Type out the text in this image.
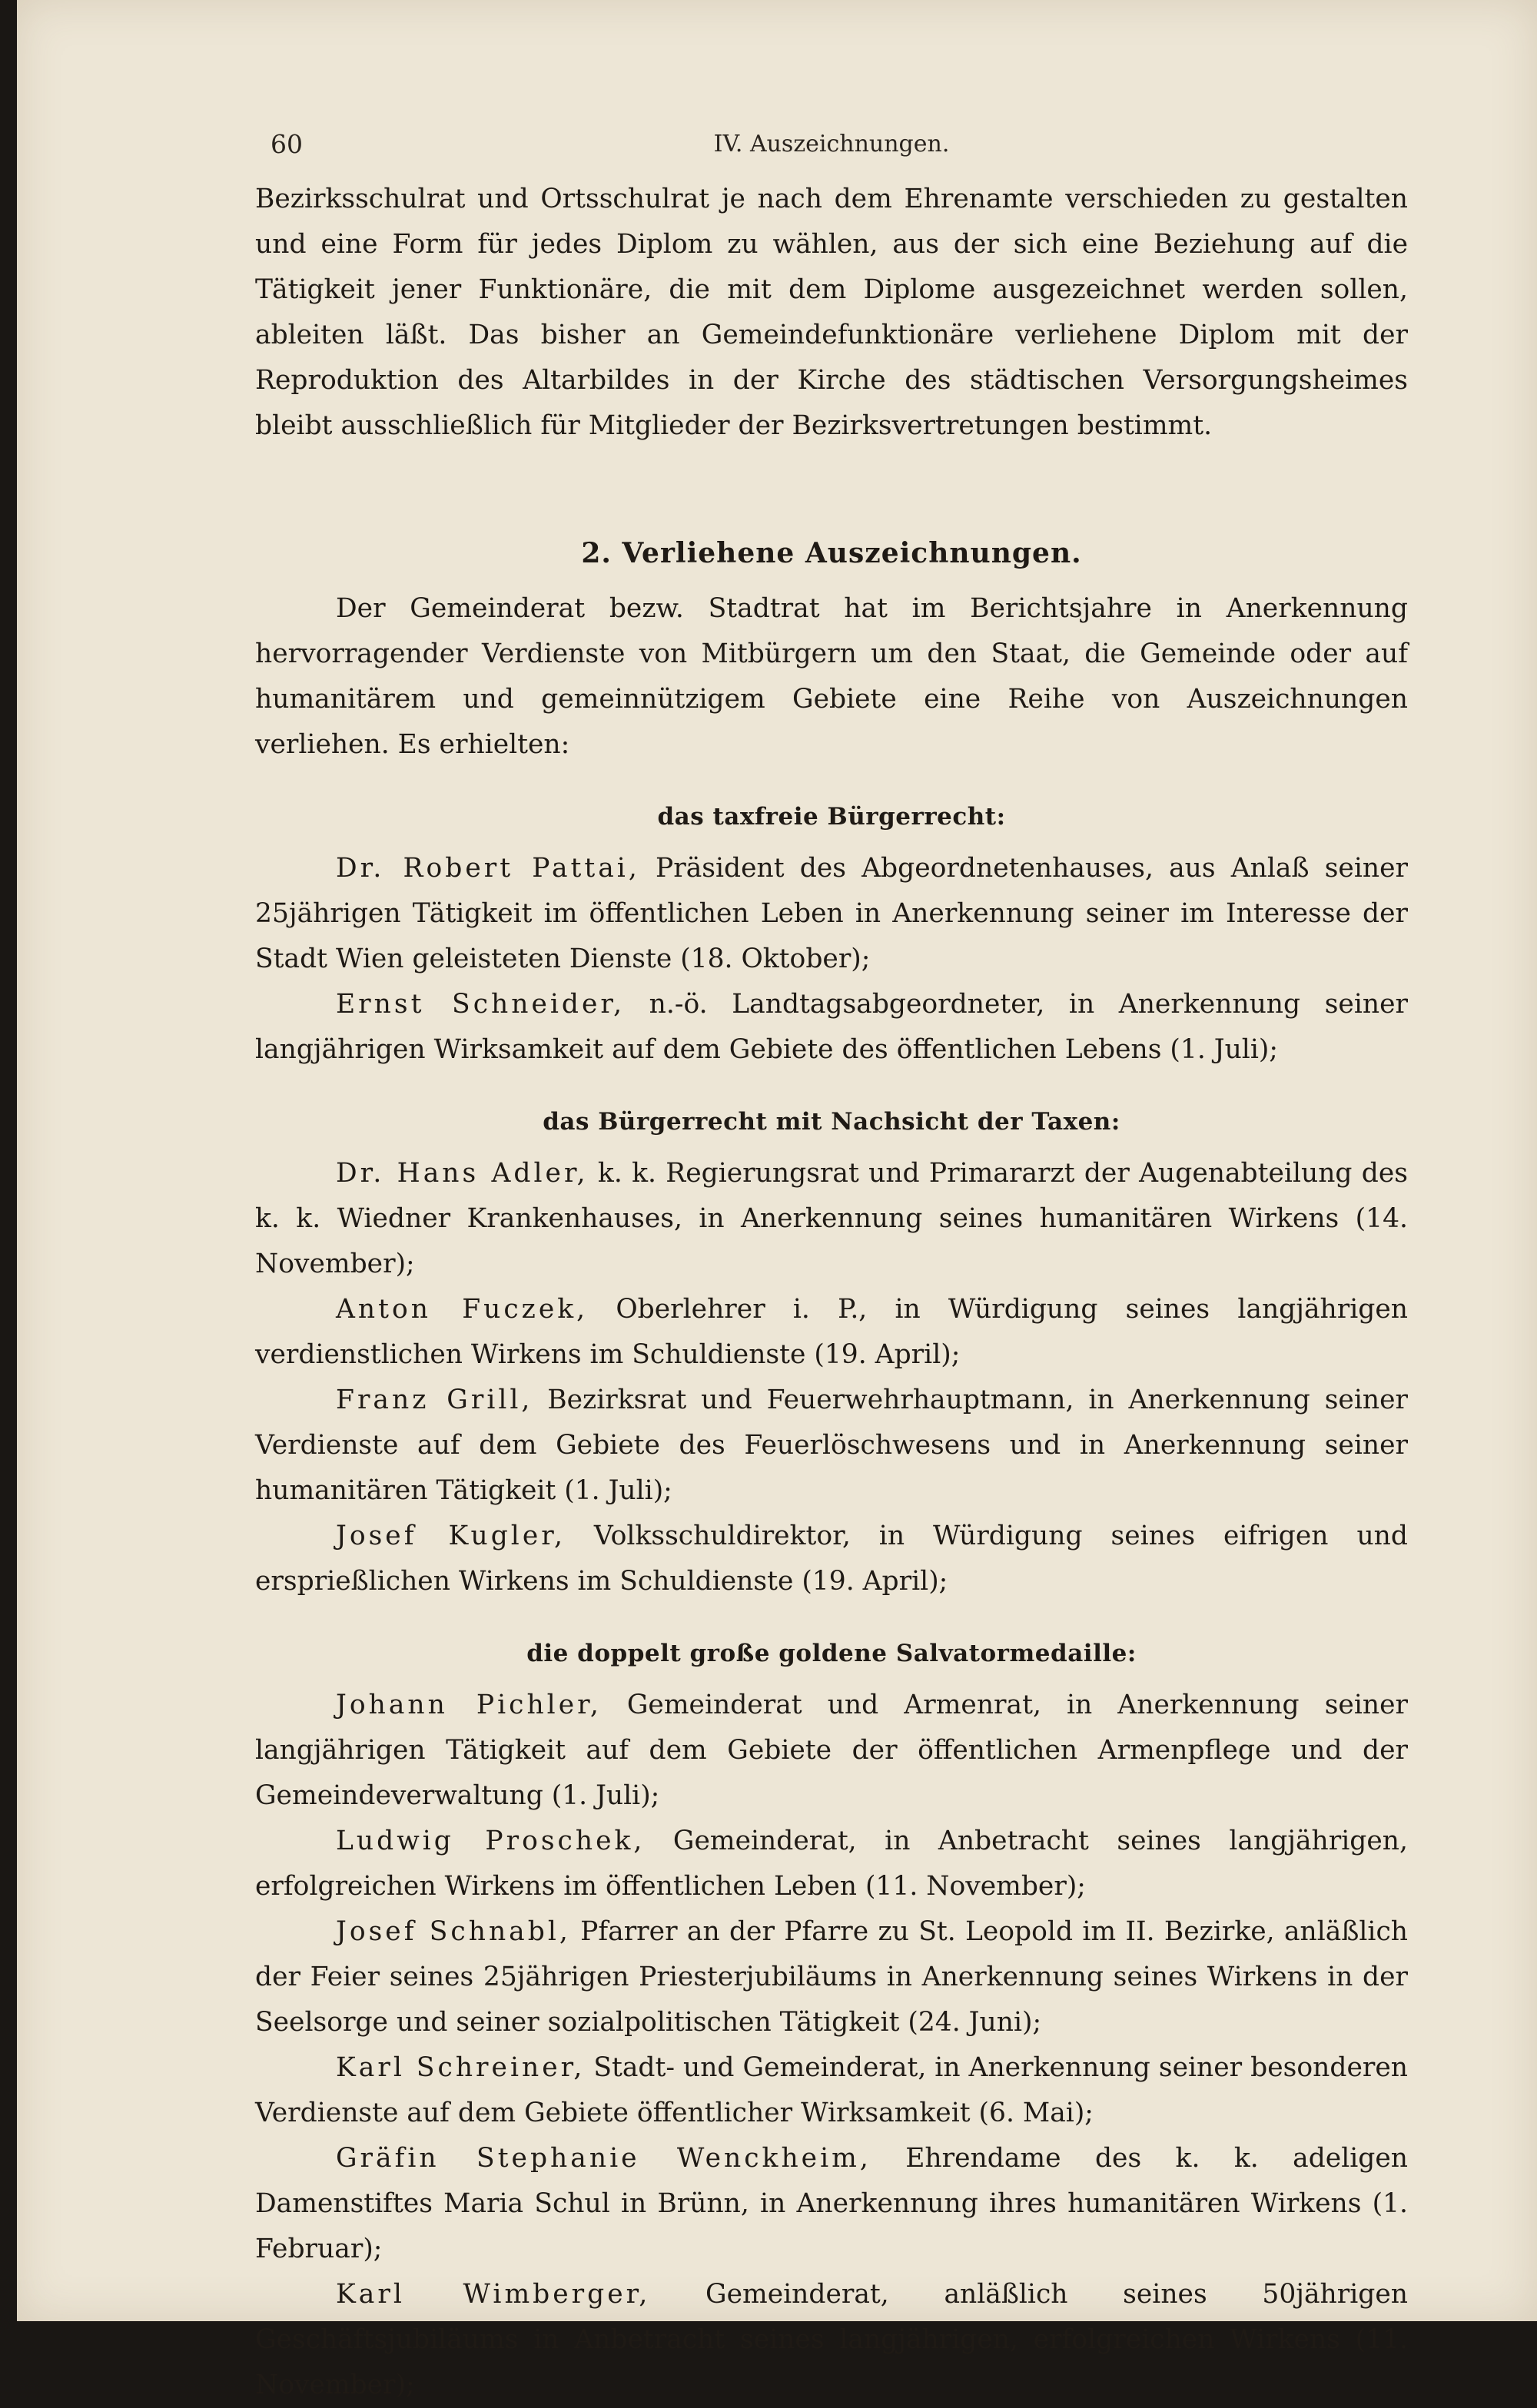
60	IV. Auszeichnungen.

Bezirksschulrat und Ortsschulrat je nach dem Ehrenamte verschieden zu gestalten und eine Form für jedes Diplom zu wählen, aus der sich eine Beziehung auf die Tätigkeit jener Funktionäre, die mit dem Diplome ausgezeichnet werden sollen, ableiten läßt. Das bisher an Gemeindefunktionäre verliehene Diplom mit der Reproduktion des Altarbildes in der Kirche des städtischen Versorgungsheimes bleibt ausschließlich für Mitglieder der Bezirksvertretungen bestimmt.

2. Verliehene Auszeichnungen.

Der Gemeinderat bezw. Stadtrat hat im Berichtsjahre in Anerkennung hervorragender Verdienste von Mitbürgern um den Staat, die Gemeinde oder auf humanitärem und gemeinnützigem Gebiete eine Reihe von Auszeichnungen verliehen. Es erhielten:

das taxfreie Bürgerrecht:

Dr. Robert Pattai, Präsident des Abgeordnetenhauses, aus Anlaß seiner 25jährigen Tätigkeit im öffentlichen Leben in Anerkennung seiner im Interesse der Stadt Wien geleisteten Dienste (18. Oktober);

Ernst Schneider, n.-ö. Landtagsabgeordneter, in Anerkennung seiner langjährigen Wirksamkeit auf dem Gebiete des öffentlichen Lebens (1. Juli);

das Bürgerrecht mit Nachsicht der Taxen:

Dr. Hans Adler, k. k. Regierungsrat und Primararzt der Augenabteilung des k. k. Wiedner Krankenhauses, in Anerkennung seines humanitären Wirkens (14. November);

Anton Fuczek, Oberlehrer i. P., in Würdigung seines langjährigen verdienstlichen Wirkens im Schuldienste (19. April);

Franz Grill, Bezirksrat und Feuerwehrhauptmann, in Anerkennung seiner Verdienste auf dem Gebiete des Feuerlöschwesens und in Anerkennung seiner humanitären Tätigkeit (1. Juli);

Josef Kugler, Volksschuldirektor, in Würdigung seines eifrigen und ersprießlichen Wirkens im Schuldienste (19. April);

die doppelt große goldene Salvatormedaille:

Johann Pichler, Gemeinderat und Armenrat, in Anerkennung seiner langjährigen Tätigkeit auf dem Gebiete der öffentlichen Armenpflege und der Gemeindeverwaltung (1. Juli);

Ludwig Proschek, Gemeinderat, in Anbetracht seines langjährigen, erfolgreichen Wirkens im öffentlichen Leben (11. November);

Josef Schnabl, Pfarrer an der Pfarre zu St. Leopold im II. Bezirke, anläßlich der Feier seines 25jährigen Priesterjubiläums in Anerkennung seines Wirkens in der Seelsorge und seiner sozialpolitischen Tätigkeit (24. Juni);

Karl Schreiner, Stadt- und Gemeinderat, in Anerkennung seiner besonderen Verdienste auf dem Gebiete öffentlicher Wirksamkeit (6. Mai);

Gräfin Stephanie Wenckheim, Ehrendame des k. k. adeligen Damenstiftes Maria Schul in Brünn, in Anerkennung ihres humanitären Wirkens (1. Februar);

Karl Wimberger, Gemeinderat, anläßlich seines 50jährigen Geschäftsjubiläums in Anbetracht seines langjährigen, erfolgreichen Wirkens (11. November);
